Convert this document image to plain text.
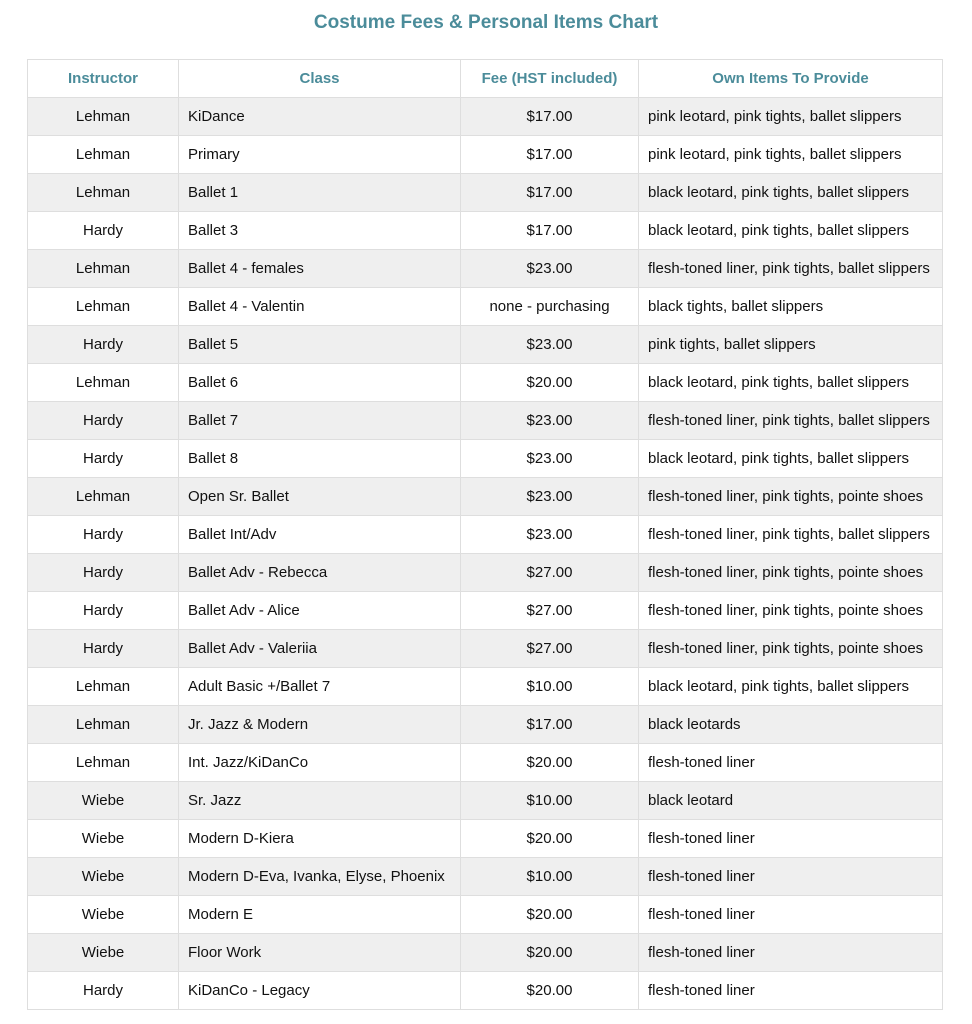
Costume Fees & Personal Items Chart
Instructor	Class	Fee (HST included)	Own Items To Provide
Lehman	KiDance	$17.00	pink leotard, pink tights, ballet slippers
Lehman	Primary	$17.00	pink leotard, pink tights, ballet slippers
Lehman	Ballet 1	$17.00	black leotard, pink tights, ballet slippers
Hardy	Ballet 3	$17.00	black leotard, pink tights, ballet slippers
Lehman	Ballet 4 - females	$23.00	flesh-toned liner, pink tights, ballet slippers
Lehman	Ballet 4 - Valentin	none - purchasing	black tights, ballet slippers
Hardy	Ballet 5	$23.00	pink tights, ballet slippers
Lehman	Ballet 6	$20.00	black leotard, pink tights, ballet slippers
Hardy	Ballet 7	$23.00	flesh-toned liner, pink tights, ballet slippers
Hardy	Ballet 8	$23.00	black leotard, pink tights, ballet slippers
Lehman	Open Sr. Ballet	$23.00	flesh-toned liner, pink tights, pointe shoes
Hardy	Ballet Int/Adv	$23.00	flesh-toned liner, pink tights, ballet slippers
Hardy	Ballet Adv - Rebecca	$27.00	flesh-toned liner, pink tights, pointe shoes
Hardy	Ballet Adv - Alice	$27.00	flesh-toned liner, pink tights, pointe shoes
Hardy	Ballet Adv - Valeriia	$27.00	flesh-toned liner, pink tights, pointe shoes
Lehman	Adult Basic +/Ballet 7	$10.00	black leotard, pink tights, ballet slippers
Lehman	Jr. Jazz & Modern	$17.00	black leotards
Lehman	Int. Jazz/KiDanCo	$20.00	flesh-toned liner
Wiebe	Sr. Jazz	$10.00	black leotard
Wiebe	Modern D-Kiera	$20.00	flesh-toned liner
Wiebe	Modern D-Eva, Ivanka, Elyse, Phoenix	$10.00	flesh-toned liner
Wiebe	Modern E	$20.00	flesh-toned liner
Wiebe	Floor Work	$20.00	flesh-toned liner
Hardy	KiDanCo - Legacy	$20.00	flesh-toned liner
